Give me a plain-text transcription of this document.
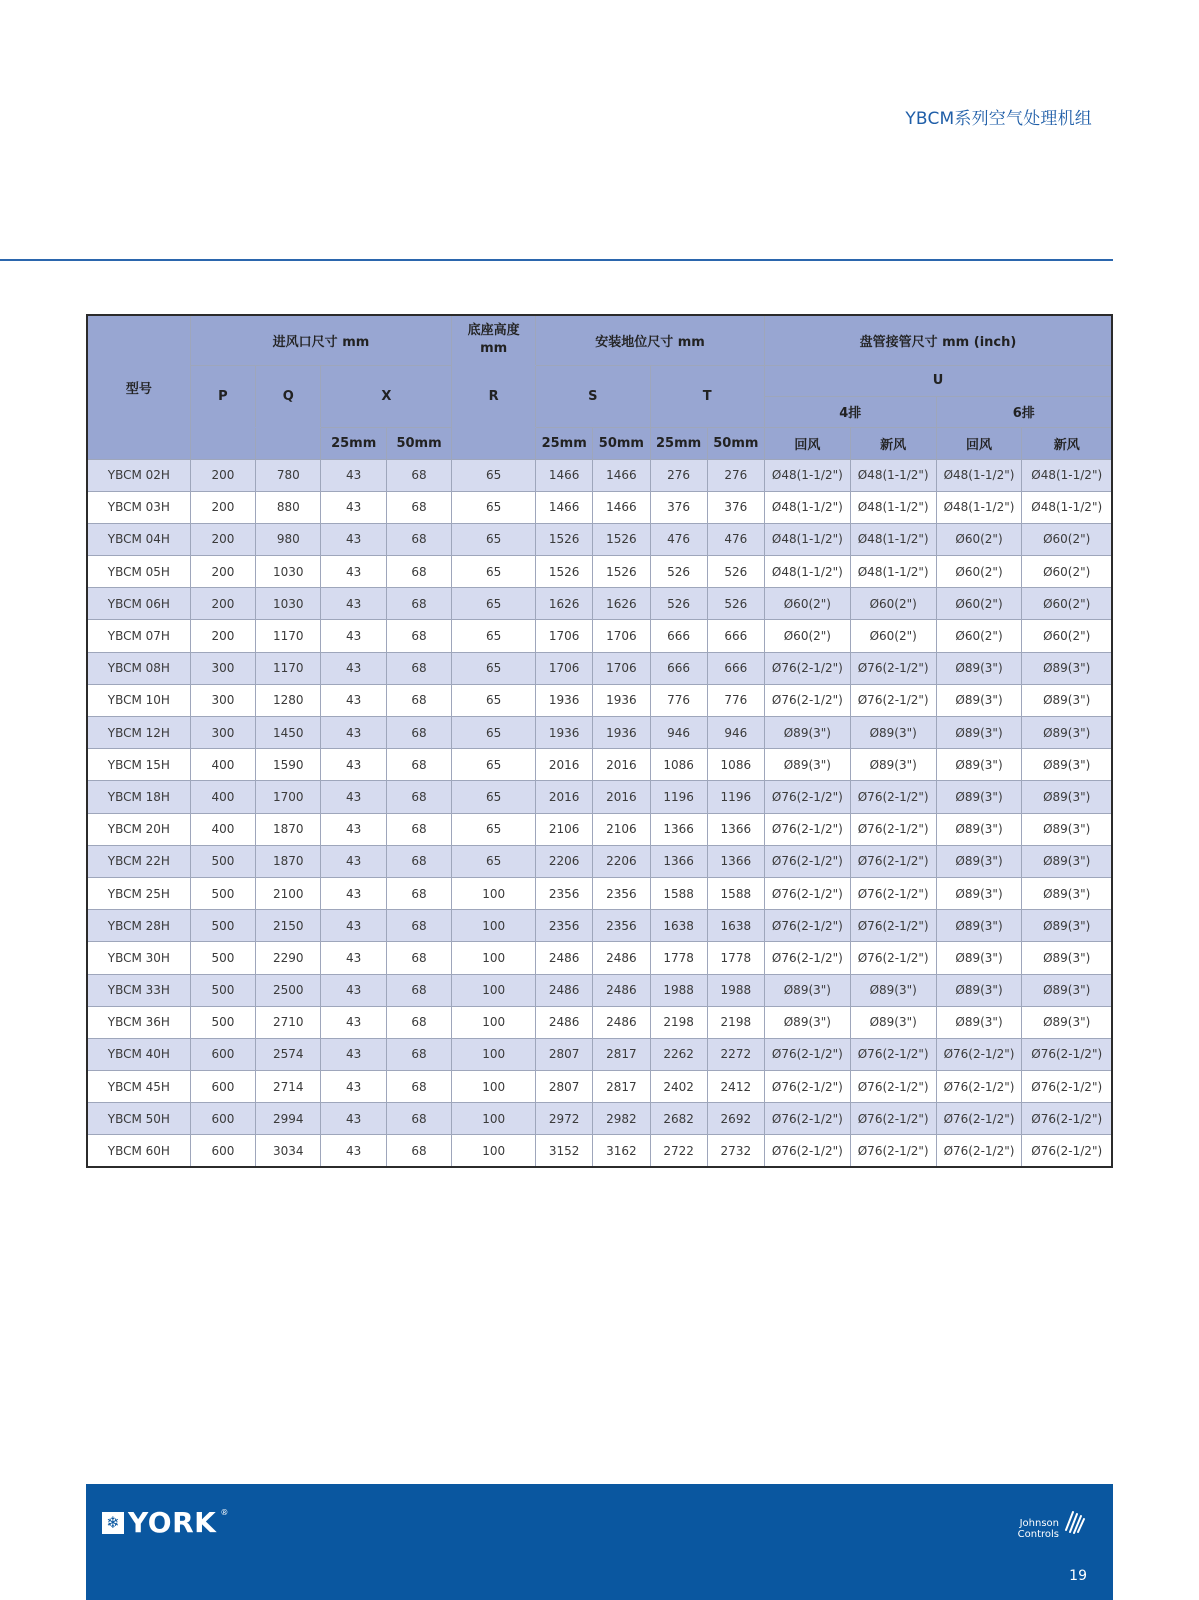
YBCM系列空气处理机组
型号	进风口尺寸 mm				底座高度 mm	安装地位尺寸 mm				盘管接管尺寸 mm (inch)			
	P	Q	X		R	S		T		U			
										4排		6排	
			25mm	50mm		25mm	50mm	25mm	50mm	回风	新风	回风	新风
YBCM 02H	200	780	43	68	65	1466	1466	276	276	Ø48(1-1/2")	Ø48(1-1/2")	Ø48(1-1/2")	Ø48(1-1/2")
YBCM 03H	200	880	43	68	65	1466	1466	376	376	Ø48(1-1/2")	Ø48(1-1/2")	Ø48(1-1/2")	Ø48(1-1/2")
YBCM 04H	200	980	43	68	65	1526	1526	476	476	Ø48(1-1/2")	Ø48(1-1/2")	Ø60(2")	Ø60(2")
YBCM 05H	200	1030	43	68	65	1526	1526	526	526	Ø48(1-1/2")	Ø48(1-1/2")	Ø60(2")	Ø60(2")
YBCM 06H	200	1030	43	68	65	1626	1626	526	526	Ø60(2")	Ø60(2")	Ø60(2")	Ø60(2")
YBCM 07H	200	1170	43	68	65	1706	1706	666	666	Ø60(2")	Ø60(2")	Ø60(2")	Ø60(2")
YBCM 08H	300	1170	43	68	65	1706	1706	666	666	Ø76(2-1/2")	Ø76(2-1/2")	Ø89(3")	Ø89(3")
YBCM 10H	300	1280	43	68	65	1936	1936	776	776	Ø76(2-1/2")	Ø76(2-1/2")	Ø89(3")	Ø89(3")
YBCM 12H	300	1450	43	68	65	1936	1936	946	946	Ø89(3")	Ø89(3")	Ø89(3")	Ø89(3")
YBCM 15H	400	1590	43	68	65	2016	2016	1086	1086	Ø89(3")	Ø89(3")	Ø89(3")	Ø89(3")
YBCM 18H	400	1700	43	68	65	2016	2016	1196	1196	Ø76(2-1/2")	Ø76(2-1/2")	Ø89(3")	Ø89(3")
YBCM 20H	400	1870	43	68	65	2106	2106	1366	1366	Ø76(2-1/2")	Ø76(2-1/2")	Ø89(3")	Ø89(3")
YBCM 22H	500	1870	43	68	65	2206	2206	1366	1366	Ø76(2-1/2")	Ø76(2-1/2")	Ø89(3")	Ø89(3")
YBCM 25H	500	2100	43	68	100	2356	2356	1588	1588	Ø76(2-1/2")	Ø76(2-1/2")	Ø89(3")	Ø89(3")
YBCM 28H	500	2150	43	68	100	2356	2356	1638	1638	Ø76(2-1/2")	Ø76(2-1/2")	Ø89(3")	Ø89(3")
YBCM 30H	500	2290	43	68	100	2486	2486	1778	1778	Ø76(2-1/2")	Ø76(2-1/2")	Ø89(3")	Ø89(3")
YBCM 33H	500	2500	43	68	100	2486	2486	1988	1988	Ø89(3")	Ø89(3")	Ø89(3")	Ø89(3")
YBCM 36H	500	2710	43	68	100	2486	2486	2198	2198	Ø89(3")	Ø89(3")	Ø89(3")	Ø89(3")
YBCM 40H	600	2574	43	68	100	2807	2817	2262	2272	Ø76(2-1/2")	Ø76(2-1/2")	Ø76(2-1/2")	Ø76(2-1/2")
YBCM 45H	600	2714	43	68	100	2807	2817	2402	2412	Ø76(2-1/2")	Ø76(2-1/2")	Ø76(2-1/2")	Ø76(2-1/2")
YBCM 50H	600	2994	43	68	100	2972	2982	2682	2692	Ø76(2-1/2")	Ø76(2-1/2")	Ø76(2-1/2")	Ø76(2-1/2")
YBCM 60H	600	3034	43	68	100	3152	3162	2722	2732	Ø76(2-1/2")	Ø76(2-1/2")	Ø76(2-1/2")	Ø76(2-1/2")
❄ YORK ®
Johnson
Controls
19
